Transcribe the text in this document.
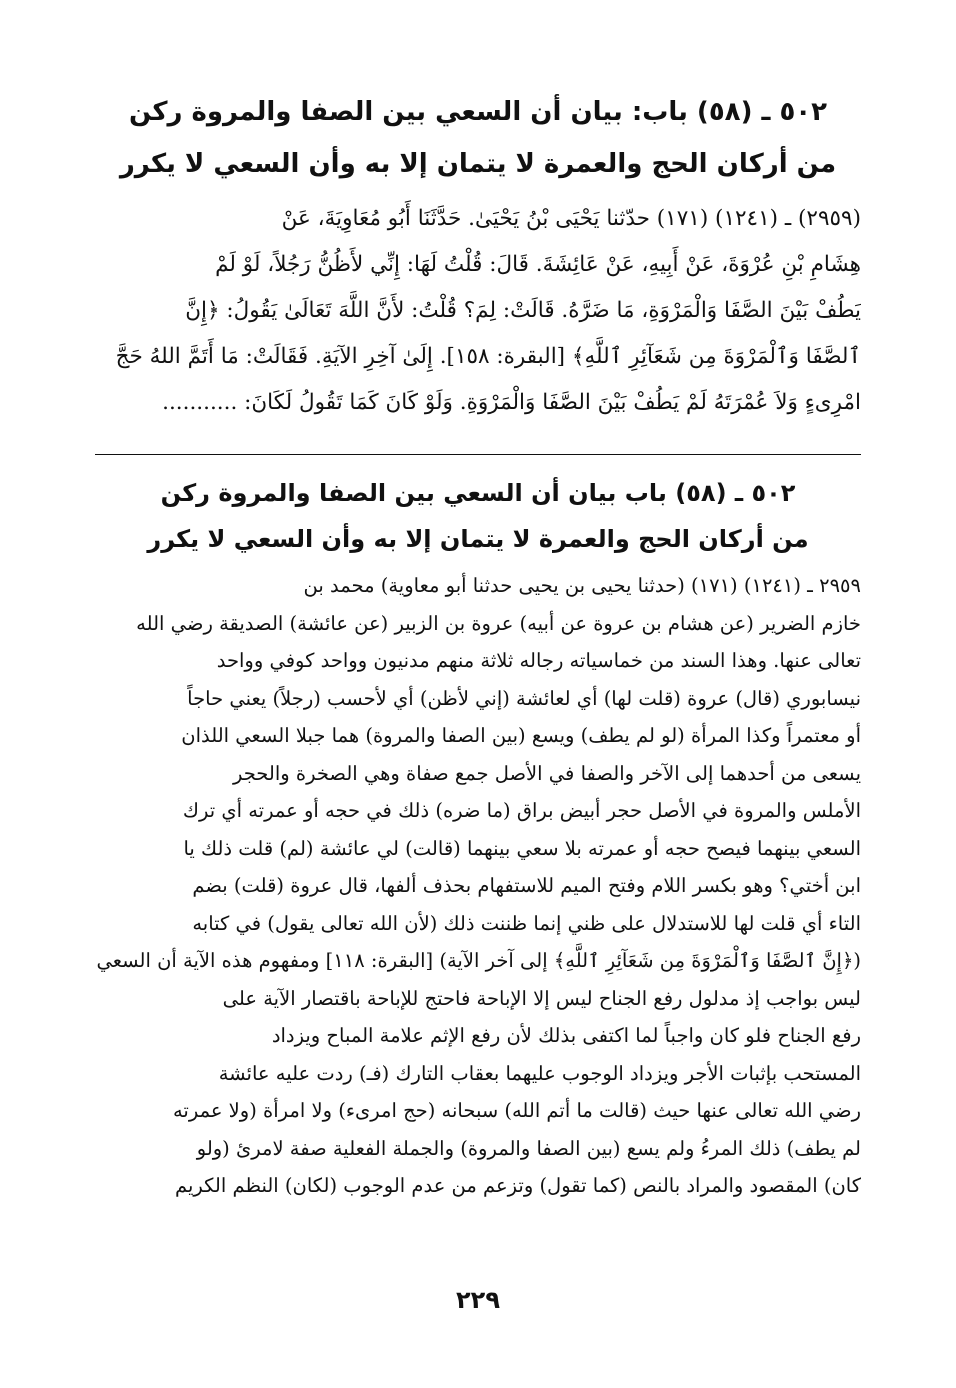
٥٠٢ ـ (٥٨) باب: بيان أن السعي بين الصفا والمروة ركن
من أركان الحج والعمرة لا يتمان إلا به وأن السعي لا يكرر
(٢٩٥٩) ـ (١٢٤١) (١٧١) حدّثنا يَحْيَى بْنُ يَحْيَىٰ. حَدَّثَنَا أَبُو مُعَاوِيَةَ، عَنْ
هِشَامِ بْنِ عُرْوَةَ، عَنْ أَبِيهِ، عَنْ عَائِشَةَ. قَالَ: قُلْتُ لَهَا: إِنِّي لأَظُنُّ رَجُلاً، لَوْ لَمْ
يَطُفْ بَيْنَ الصَّفَا وَالْمَرْوَةِ، مَا ضَرَّهُ. قَالَتْ: لِمَ؟ قُلْتُ: لأَنَّ اللَّهَ تَعَالَىٰ يَقُولُ: ﴿إِنَّ
ٱلصَّفَا وَٱلْمَرْوَةَ مِن شَعَآئِرِ ٱللَّهِ﴾ [البقرة: ١٥٨]. إِلَىٰ آخِرِ الآيَةِ. فَقَالَتْ: مَا أَتَمَّ اللهُ حَجَّ
امْرِىءٍ وَلاَ عُمْرَتَهُ لَمْ يَطُفْ بَيْنَ الصَّفَا وَالْمَرْوَةِ. وَلَوْ كَانَ كَمَا تَقُولُ لَكَانَ: ...........
٥٠٢ ـ (٥٨) باب بيان أن السعي بين الصفا والمروة ركن
من أركان الحج والعمرة لا يتمان إلا به وأن السعي لا يكرر
٢٩٥٩ ـ (١٢٤١) (١٧١) (حدثنا يحيى بن يحيى حدثنا أبو معاوية) محمد بن
خازم الضرير (عن هشام بن عروة عن أبيه) عروة بن الزبير (عن عائشة) الصديقة رضي الله
تعالى عنها. وهذا السند من خماسياته رجاله ثلاثة منهم مدنيون وواحد كوفي وواحد
نيسابوري (قال) عروة (قلت لها) أي لعائشة (إني لأظن) أي لأحسب (رجلاً) يعني حاجاً
أو معتمراً وكذا المرأة (لو لم يطف) ويسع (بين الصفا والمروة) هما جبلا السعي اللذان
يسعى من أحدهما إلى الآخر والصفا في الأصل جمع صفاة وهي الصخرة والحجر
الأملس والمروة في الأصل حجر أبيض براق (ما ضره) ذلك في حجه أو عمرته أي ترك
السعي بينهما فيصح حجه أو عمرته بلا سعي بينهما (قالت) لي عائشة (لم) قلت ذلك يا
ابن أختي؟ وهو بكسر اللام وفتح الميم للاستفهام بحذف ألفها، قال عروة (قلت) بضم
التاء أي قلت لها للاستدلال على ظني إنما ظننت ذلك (لأن الله تعالى يقول) في كتابه
(﴿إِنَّ ٱلصَّفَا وَٱلْمَرْوَةَ مِن شَعَآئِرِ ٱللَّهِ﴾ إلى آخر الآية) [البقرة: ١١٨] ومفهوم هذه الآية أن السعي
ليس بواجب إذ مدلول رفع الجناح ليس إلا الإباحة فاحتج للإباحة باقتصار الآية على
رفع الجناح فلو كان واجباً لما اكتفى بذلك لأن رفع الإثم علامة المباح ويزداد
المستحب بإثبات الأجر ويزداد الوجوب عليهما بعقاب التارك (فـ) ردت عليه عائشة
رضي الله تعالى عنها حيث (قالت ما أتم الله) سبحانه (حج امرىء) ولا امرأة (ولا عمرته
لم يطف) ذلك المرءُ ولم يسع (بين الصفا والمروة) والجملة الفعلية صفة لامرئ (ولو
كان) المقصود والمراد بالنص (كما تقول) وتزعم من عدم الوجوب (لكان) النظم الكريم
٢٢٩
